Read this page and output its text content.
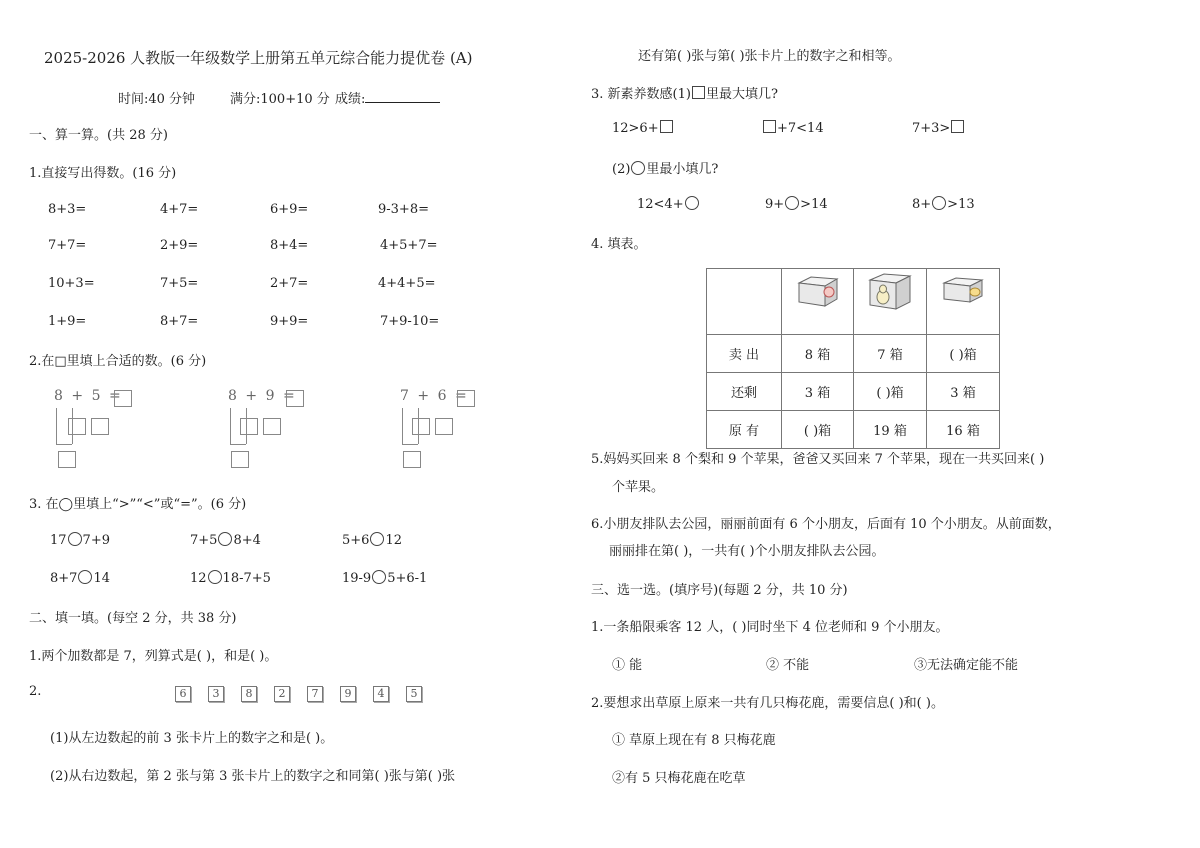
2025-2026 人教版一年级数学上册第五单元综合能力提优卷 (A)
时间:40 分钟	满分:100+10 分 成绩:
一、算一算。(共 28 分)
1.直接写出得数。(16 分)
8+3=	4+7=	6+9=	9-3+8=
7+7=	2+9=	8+4=	4+5+7=
10+3=	7+5=	2+7=	4+4+5=
1+9=	8+7=	9+9=	7+9-10=
2.在□里填上合适的数。(6 分)
8 + 5 =	8 + 9 =	7 + 6 =
3. 在◯里填上“>”“<”或“=”。(6 分)
17 7+9	7+5 8+4	5+6 12
8+7 14	12 18-7+5	19-9 5+6-1
二、填一填。(每空 2 分，共 38 分)
1.两个加数都是 7，列算式是( )，和是( )。
2.	6 3 8 2 7 9 4 5
(1)从左边数起的前 3 张卡片上的数字之和是( )。
(2)从右边数起，第 2 张与第 3 张卡片上的数字之和同第( )张与第( )张
还有第( )张与第( )张卡片上的数字之和相等。
3. 新素养数感(1) 里最大填几?
12>6+	+7<14	7+3>
(2) 里最小填几?
12<4+	9+ >14	8+ >13
4. 填表。

卖 出	8 箱	7 箱	( )箱
还剩	3 箱	( )箱	3 箱
原 有	( )箱	19 箱	16 箱
5.妈妈买回来 8 个梨和 9 个苹果，爸爸又买回来 7 个苹果，现在一共买回来( )
个苹果。
6.小朋友排队去公园，丽丽前面有 6 个小朋友，后面有 10 个小朋友。从前面数，
丽丽排在第( )，一共有( )个小朋友排队去公园。
三、选一选。(填序号)(每题 2 分，共 10 分)
1.一条船限乘客 12 人，( )同时坐下 4 位老师和 9 个小朋友。
① 能	② 不能	③无法确定能不能
2.要想求出草原上原来一共有几只梅花鹿，需要信息( )和( )。
① 草原上现在有 8 只梅花鹿
②有 5 只梅花鹿在吃草
